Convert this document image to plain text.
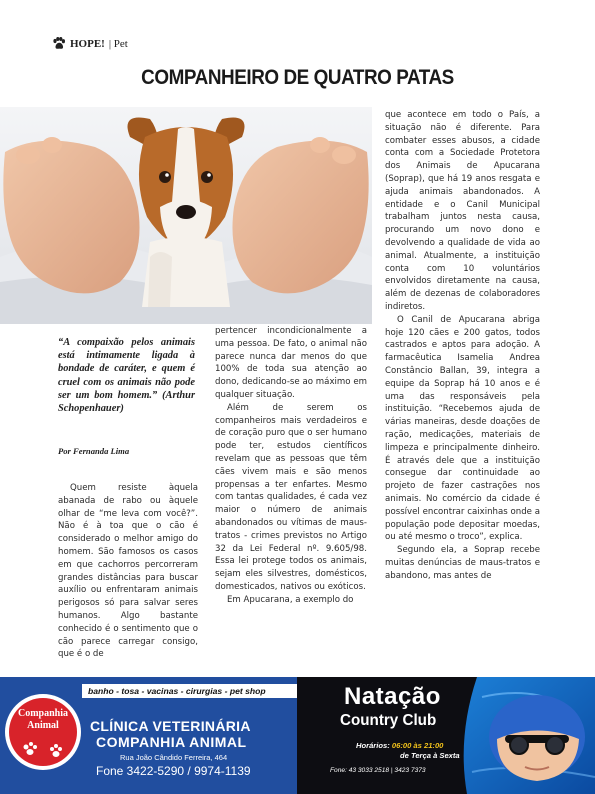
HOPE! | Pet
COMPANHEIRO DE QUATRO PATAS
“A compaixão pelos animais está intimamente ligada à bondade de caráter, e quem é cruel com os animais não pode ser um bom homem.” (Arthur Schopenhauer)
Por Fernanda Lima

Quem resiste àquela abanada de rabo ou àquele olhar de “me leva com você?”. Não é à toa que o cão é considerado o melhor amigo do homem. São famosos os casos em que cachorros percorreram grandes distâncias para buscar auxílio ou enfrentaram animais perigosos só para salvar seres humanos. Algo bastante conhecido é o sentimento que o cão parece carregar consigo, que é o de

pertencer incondicionalmente a uma pessoa. De fato, o animal não parece nunca dar menos do que 100% de toda sua atenção ao dono, dedicando-se ao máximo em qualquer situação.

Além de serem os companheiros mais verdadeiros e de coração puro que o ser humano pode ter, estudos científicos revelam que as pessoas que têm cães vivem mais e são menos propensas a ter enfartes. Mesmo com tantas qualidades, é cada vez maior o número de animais abandonados ou vítimas de maus-tratos - crimes previstos no Artigo 32 da Lei Federal nº. 9.605/98. Essa lei protege todos os animais, sejam eles silvestres, domésticos, domesticados, nativos ou exóticos.

Em Apucarana, a exemplo do

que acontece em todo o País, a situação não é diferente. Para combater esses abusos, a cidade conta com a Sociedade Protetora dos Animais de Apucarana (Soprap), que há 19 anos resgata e ajuda animais abandonados. A entidade e o Canil Municipal trabalham juntos nesta causa, procurando um novo dono e devolvendo a qualidade de vida ao animal. Atualmente, a instituição conta com 10 voluntários envolvidos diretamente na causa, além de dezenas de colaboradores indiretos.

O Canil de Apucarana abriga hoje 120 cães e 200 gatos, todos castrados e aptos para adoção. A farmacêutica Isamelia Andrea Constâncio Ballan, 39, integra a equipe da Soprap há 10 anos e é uma das responsáveis pela instituição. “Recebemos ajuda de várias maneiras, desde doações de ração, medicações, materiais de limpeza e principalmente dinheiro. É através dele que a instituição consegue dar continuidade ao projeto de fazer castrações nos animais. No comércio da cidade é possível encontrar caixinhas onde a população pode depositar moedas, ou até mesmo o troco”, explica.

Segundo ela, a Soprap recebe muitas denúncias de maus-tratos e abandono, mas antes de

Companhia
Animal
banho - tosa - vacinas - cirurgias - pet shop
CLÍNICA VETERINÁRIA
COMPANHIA ANIMAL
Rua João Cândido Ferreira, 464
Fone 3422-5290 / 9974-1139
Natação
Country Club
Horários: 06:00 às 21:00
de Terça à Sexta
Fone: 43 3033 2518 | 3423 7373
